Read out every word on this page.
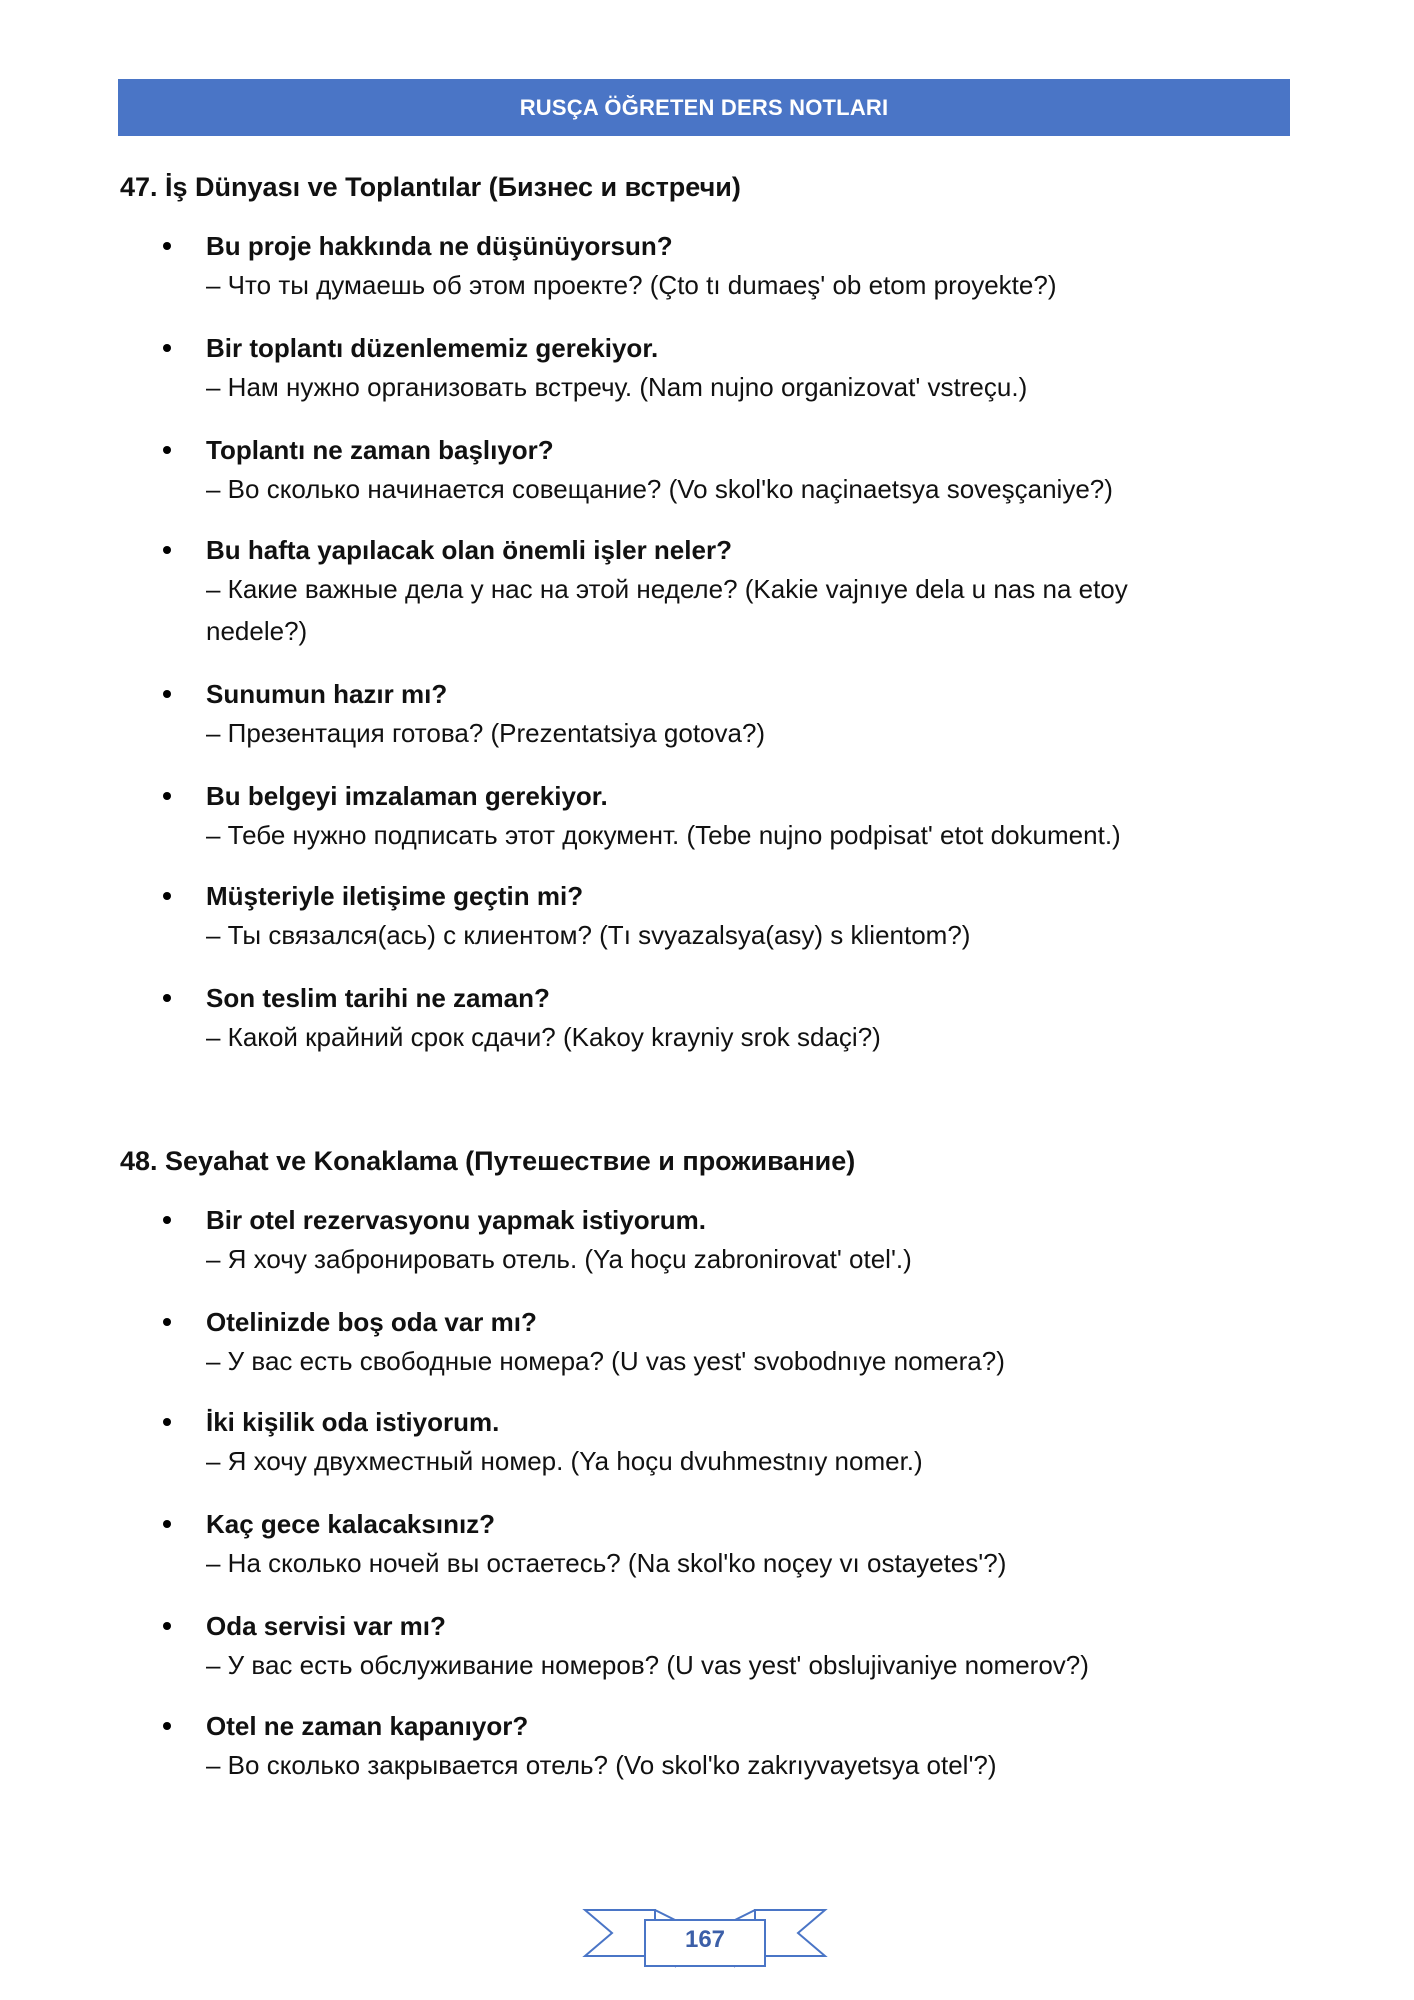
RUSÇA ÖĞRETEN DERS NOTLARI
47. İş Dünyası ve Toplantılar (Бизнес и встречи)
Bu proje hakkında ne düşünüyorsun?
– Что ты думаешь об этом проекте? (Çto tı dumaeş' ob etom proyekte?)
Bir toplantı düzenlememiz gerekiyor.
– Нам нужно организовать встречу. (Nam nujno organizovat' vstreçu.)
Toplantı ne zaman başlıyor?
– Во сколько начинается совещание? (Vo skol'ko naçinaetsya soveşçaniye?)
Bu hafta yapılacak olan önemli işler neler?
– Какие важные дела у нас на этой неделе? (Kakie vajnıye dela u nas na etoy nedele?)
Sunumun hazır mı?
– Презентация готова? (Prezentatsiya gotova?)
Bu belgeyi imzalaman gerekiyor.
– Тебе нужно подписать этот документ. (Tebe nujno podpisat' etot dokument.)
Müşteriyle iletişime geçtin mi?
– Ты связался(ась) с клиентом? (Tı svyazalsya(asy) s klientom?)
Son teslim tarihi ne zaman?
– Какой крайний срок сдачи? (Kakoy krayniy srok sdaçi?)
48. Seyahat ve Konaklama (Путешествие и проживание)
Bir otel rezervasyonu yapmak istiyorum.
– Я хочу забронировать отель. (Ya hoçu zabronirovat' otel'.)
Otelinizde boş oda var mı?
– У вас есть свободные номера? (U vas yest' svobodnıye nomera?)
İki kişilik oda istiyorum.
– Я хочу двухместный номер. (Ya hoçu dvuhmestnıy nomer.)
Kaç gece kalacaksınız?
– На сколько ночей вы остаетесь? (Na skol'ko noçey vı ostayetes'?)
Oda servisi var mı?
– У вас есть обслуживание номеров? (U vas yest' obslujivaniye nomerov?)
Otel ne zaman kapanıyor?
– Во сколько закрывается отель? (Vo skol'ko zakrıyvayetsya otel'?)
167
